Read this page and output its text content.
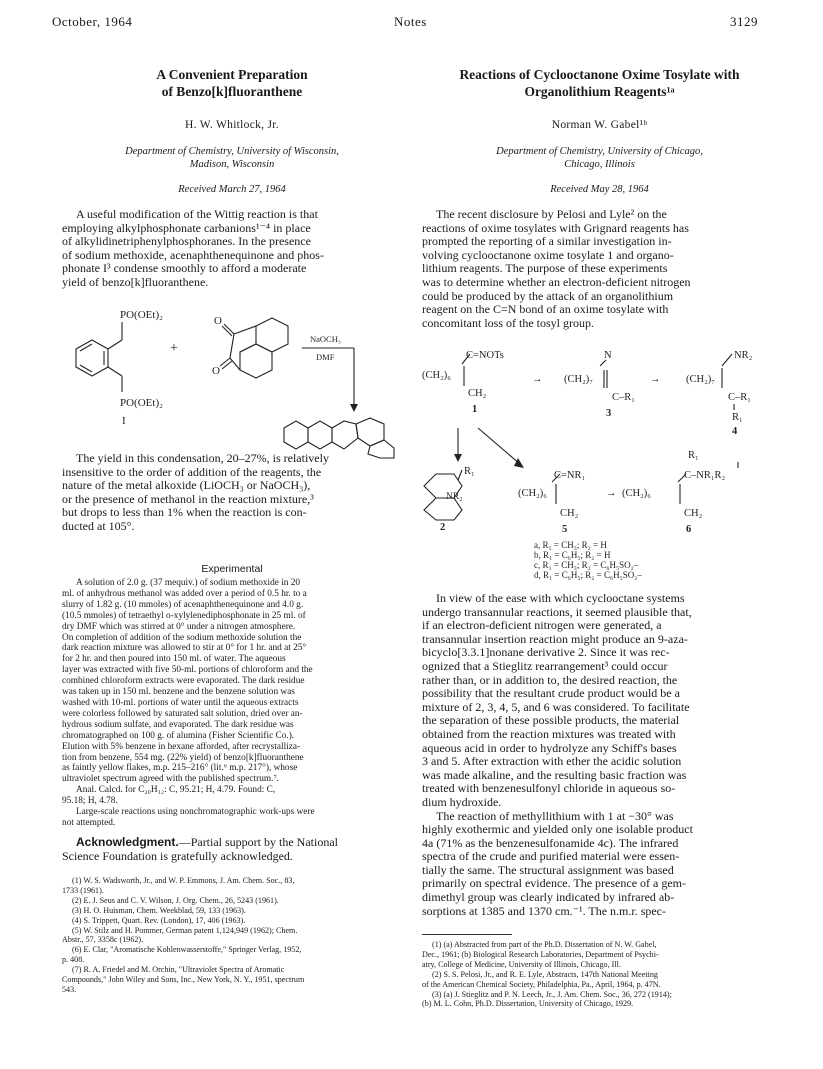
October, 1964	Notes	3129
A Convenient Preparation
of Benzo[k]fluoranthene
H. W. Whitlock, Jr.
Department of Chemistry, University of Wisconsin,
Madison, Wisconsin
Received March 27, 1964
A useful modification of the Wittig reaction is that
employing alkylphosphonate carbanions¹⁻⁴ in place
of alkylidinetriphenylphosphoranes. In the presence
of sodium methoxide, acenaphthenequinone and phos-
phonate I³ condense smoothly to afford a moderate
yield of benzo[k]fluoranthene.
PO(OEt)₂
PO(OEt)₂
I
+
O
O
NaOCH₃
DMF
The yield in this condensation, 20–27%, is relatively
insensitive to the order of addition of the reagents, the
nature of the metal alkoxide (LiOCH₃ or NaOCH₃),
or the presence of methanol in the reaction mixture,³
but drops to less than 1% when the reaction is con-
ducted at 105°.
Experimental
A solution of 2.0 g. (37 mequiv.) of sodium methoxide in 20
ml. of anhydrous methanol was added over a period of 0.5 hr. to a
slurry of 1.82 g. (10 mmoles) of acenaphthenequinone and 4.0 g.
(10.5 mmoles) of tetraethyl o-xylylenediphosphonate in 25 ml. of
dry DMF which was stirred at 0° under a nitrogen atmosphere.
On completion of addition of the sodium methoxide solution the
dark reaction mixture was allowed to stir at 0° for 1 hr. and at 25°
for 2 hr. and then poured into 150 ml. of water. The aqueous
layer was extracted with five 50-ml. portions of chloroform and the
combined chloroform extracts were evaporated. The dark residue
was taken up in 150 ml. benzene and the benzene solution was
washed with 10-ml. portions of water until the aqueous extracts
were colorless followed by saturated salt solution, dried over an-
hydrous sodium sulfate, and evaporated. The dark residue was
chromatographed on 100 g. of alumina (Fisher Scientific Co.).
Elution with 5% benzene in hexane afforded, after recrystalliza-
tion from benzene, 554 mg. (22% yield) of benzo[k]fluoranthene
as faintly yellow flakes, m.p. 215–216° (lit.⁶ m.p. 217°), whose
ultraviolet spectrum agreed with the published spectrum.⁷.
Anal. Calcd. for C₂₀H₁₂: C, 95.21; H, 4.79. Found: C,
95.18; H, 4.78.
Large-scale reactions using nonchromatographic work-ups were
not attempted.
Acknowledgment.—Partial support by the National
Science Foundation is gratefully acknowledged.
(1) W. S. Wadsworth, Jr., and W. P. Emmons, J. Am. Chem. Soc., 83,
1733 (1961).
(2) E. J. Seus and C. V. Wilson, J. Org. Chem., 26, 5243 (1961).
(3) H. O. Huisman, Chem. Weekblad, 59, 133 (1963).
(4) S. Trippett, Quart. Rev. (London), 17, 406 (1963).
(5) W. Stilz and H. Pommer, German patent 1,124,949 (1962); Chem.
Abstr., 57, 3358c (1962).
(6) E. Clar, "Aromatische Kohlenwasserstoffe," Springer Verlag, 1952,
p. 408.
(7) R. A. Friedel and M. Orchin, "Ultraviolet Spectra of Aromatic
Compounds," John Wiley and Sons, Inc., New York, N. Y., 1951, spectrum
543.
Reactions of Cyclooctanone Oxime Tosylate with
Organolithium Reagents¹ᵃ
Norman W. Gabel¹ᵇ
Department of Chemistry, University of Chicago,
Chicago, Illinois
Received May 28, 1964
The recent disclosure by Pelosi and Lyle² on the
reactions of oxime tosylates with Grignard reagents has
prompted the reporting of a similar investigation in-
volving cyclooctanone oxime tosylate 1 and organo-
lithium reagents. The purpose of these experiments
was to determine whether an electron-deficient nitrogen
could be produced by the attack of an organolithium
reagent on the C=N bond of an oxime tosylate with
concomitant loss of the tosyl group.
C=NOTs
(CH₂)₆
CH₂
1
→
N
(CH₂)₇
C–R₁
3
→
NR₂
(CH₂)₇
C–R₁
R₁
4
R₁
NR₂
2
C=NR₁
(CH₂)₆
CH₂
5
→
R₁
C–NR₁R₂
(CH₂)₆
CH₂
6
a, R₁ = CH₃; R₂ = H
b, R₁ = C₆H₅; R₂ = H
c, R₁ = CH₃; R₂ = C₆H₅SO₂–
d, R₁ = C₆H₅; R₂ = C₆H₅SO₂–
In view of the ease with which cyclooctane systems
undergo transannular reactions, it seemed plausible that,
if an electron-deficient nitrogen were generated, a
transannular insertion reaction might produce an 9-aza-
bicyclo[3.3.1]nonane derivative 2. Since it was rec-
ognized that a Stieglitz rearrangement³ could occur
rather than, or in addition to, the desired reaction, the
possibility that the resultant crude product would be a
mixture of 2, 3, 4, 5, and 6 was considered. To facilitate
the separation of these possible products, the material
obtained from the reaction mixtures was treated with
aqueous acid in order to hydrolyze any Schiff's bases
3 and 5. After extraction with ether the acidic solution
was made alkaline, and the resulting basic fraction was
treated with benzenesulfonyl chloride in aqueous so-
dium hydroxide.
The reaction of methyllithium with 1 at −30° was
highly exothermic and yielded only one isolable product
4a (71% as the benzenesulfonamide 4c). The infrared
spectra of the crude and purified material were essen-
tially the same. The structural assignment was based
primarily on spectral evidence. The presence of a gem-
dimethyl group was clearly indicated by infrared ab-
sorptions at 1385 and 1370 cm.⁻¹. The n.m.r. spec-
(1) (a) Abstracted from part of the Ph.D. Dissertation of N. W. Gabel,
Dec., 1961; (b) Biological Research Laboratories, Department of Psychi-
atry, College of Medicine, University of Illinois, Chicago, Ill.
(2) S. S. Pelosi, Jr., and R. E. Lyle, Abstracts, 147th National Meeting
of the American Chemical Society, Philadelphia, Pa., April, 1964, p. 47N.
(3) (a) J. Stieglitz and P. N. Leech, Jr., J. Am. Chem. Soc., 36, 272 (1914);
(b) M. L. Cohn, Ph.D. Dissertation, University of Chicago, 1929.
